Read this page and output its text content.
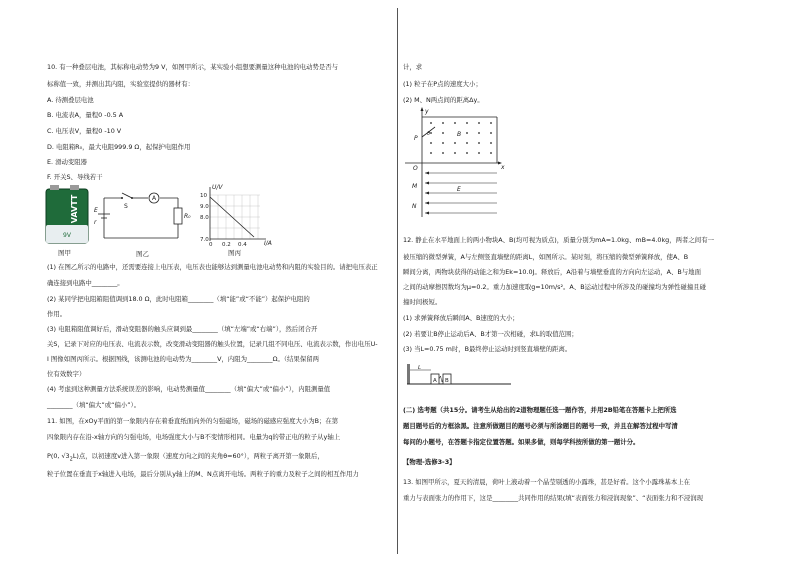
10. 有一种叠层电池，其标称电动势为9 V，如图甲所示，某实验小组想要测量这种电池的电动势是否与
标称值一致，并测出其内阻，实验室提供的器材有：
A. 待测叠层电池
B. 电流表A，量程0 -0.5 A
C. 电压表V，量程0 -10 V
D. 电阻箱R₀，最大电阻999.9 Ω，起保护电阻作用
E. 滑动变阻器
F. 开关S、导线若干
VAVTT
9V
图甲
A
E
r
S
R₀
图乙
U/V
I/A
10
9.0
8.0
7.0
0 0.2 0.4
图丙
(1) 在图乙所示的电路中，还需要连接上电压表，电压表也能够达到测量电池电动势和内阻的实验目的。请把电压表正
确连接到电路中________。
(2) 某同学把电阻箱阻值调到18.0 Ω，此时电阻箱________（填“能”或“不能”）起保护电阻的
作用。
(3) 电阻箱阻值调好后，滑动变阻器的触头应调到最________（填“左端”或“右端”），然后闭合开
关S，记录下对应的电压表、电流表示数，改变滑动变阻器的触头位置，记录几组不同电压、电流表示数，作出电压U-
I 图像如图丙所示。根据图线，该测电池的电动势为________V，内阻为________Ω。（结果保留两
位有效数字）
(4) 考虑到这种测量方法系统误差的影响，电动势测量值________（填“偏大”或“偏小”），内阻测量值
________（填“偏大”或“偏小”）。
11. 如图，在xOy平面的第一象限内存在着垂直纸面向外的匀强磁场，磁场的磁感应强度大小为B；在第
四象限内存在沿-x轴方向的匀强电场，电场强度大小与B不变情形相同。电量为q的带正电的粒子从y轴上
P(0, $√3_2L$)点，以初速度v进入第一象限（速度方向之间的夹角θ=60°），两粒子离开第一象限后，
粒子位置在垂直于x轴进入电场，最后分别从y轴上的M、N点离开电场。两粒子的重力及粒子之间的相互作用力
计，求
(1) 粒子在P点的速度大小；
(2) M、N两点间的距离Δy。
y
x
B
P
θ
O
M
N
E
12. 静止在水平地面上的两小物块A、B(均可视为质点)，质量分别为mA=1.0kg、mB=4.0kg，两者之间有一
被压缩的微型弹簧，A与左侧竖直墙壁的距离L，如图所示。某时刻，将压缩的微型弹簧释放，使A、B
瞬间分离，两物块获得的动能之和为Ek=10.0J。释放后，A沿着与墙壁垂直的方向向左运动，A、B与地面
之间的动摩擦因数均为μ=0.2。重力加速度取g=10m/s²。A、B运动过程中所涉及的碰撞均为弹性碰撞且碰
撞时间极短。
(1) 求弹簧释放后瞬间A、B速度的大小；
(2) 若要让B停止运动后A、B才第一次相碰，求L的取值范围；
(3) 当L=0.75 m时，B最终停止运动时到竖直墙壁的距离。
A B
L
(二) 选考题（共15分。请考生从给出的2道物理题任选一题作答，并用2B铅笔在答题卡上把所选
题目题号后的方框涂黑。注意所做题目的题号必须与所涂题目的题号一致，并且在解答过程中写清
每问的小题号，在答题卡指定位置答题。如果多做，则每学科按所做的第一题计分。
【物理-选修3-3】
13. 如图甲所示，夏天的清晨，荷叶上液动着一个晶莹剔透的小露珠，甚是好看。这个小露珠基本上在
重力与表面张力的作用下，这是________共同作用的结果(填“表面张力和浸润现象”、“表面张力和不浸润现
